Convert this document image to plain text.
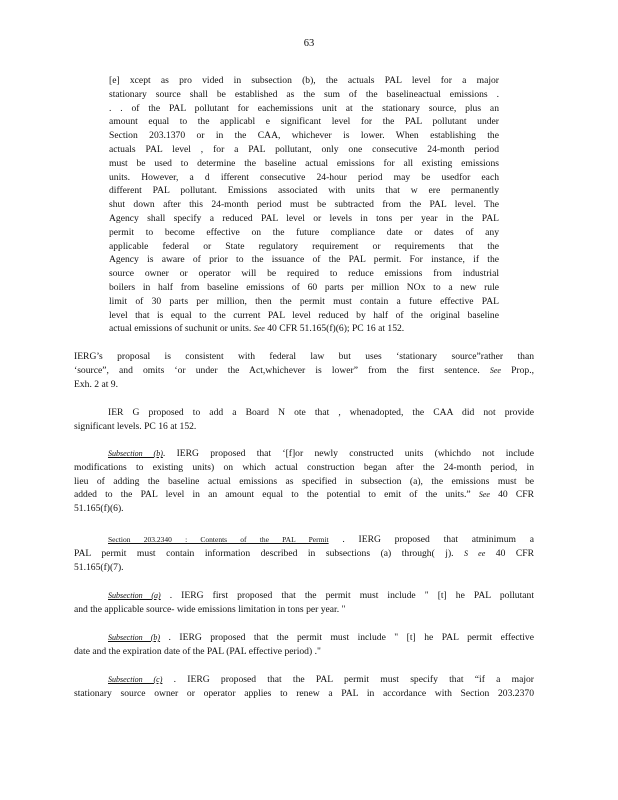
63
[e] xcept as pro vided in subsection (b), the actuals PAL level for a major
stationary source shall be established as the sum of the baselineactual emissions .
. . of the PAL pollutant for eachemissions unit at the stationary source, plus an
amount equal to the applicabl e significant level for the PAL pollutant under
Section 203.1370 or in the CAA, whichever is lower. When establishing the
actuals PAL level , for a PAL pollutant, only one consecutive 24-month period
must be used to determine the baseline actual emissions for all existing emissions
units. However, a d ifferent consecutive 24-hour period may be usedfor each
different PAL pollutant. Emissions associated with units that w ere permanently
shut down after this 24-month period must be subtracted from the PAL level. The
Agency shall specify a reduced PAL level or levels in tons per year in the PAL
permit to become effective on the future compliance date or dates of any
applicable federal or State regulatory requirement or requirements that the
Agency is aware of prior to the issuance of the PAL permit. For instance, if the
source owner or operator will be required to reduce emissions from industrial
boilers in half from baseline emissions of 60 parts per million NOx to a new rule
limit of 30 parts per million, then the permit must contain a future effective PAL
level that is equal to the current PAL level reduced by half of the original baseline
actual emissions of suchunit or units. See 40 CFR 51.165(f)(6); PC 16 at 152.
IERG’s proposal is consistent with federal law but uses ‘stationary source”rather than
‘source”, and omits ‘or under the Act,whichever is lower” from the first sentence. See Prop.,
Exh. 2 at 9.
IER G proposed to add a Board N ote that , whenadopted, the CAA did not provide
significant levels. PC 16 at 152.
Subsection (b). IERG proposed that ‘[f]or newly constructed units (whichdo not include
modifications to existing units) on which actual construction began after the 24-month period, in
lieu of adding the baseline actual emissions as specified in subsection (a), the emissions must be
added to the PAL level in an amount equal to the potential to emit of the units.” See 40 CFR
51.165(f)(6).
Section 203.2340 : Contents of the PAL Permit . IERG proposed that atminimum a
PAL permit must contain information described in subsections (a) through( j). S ee 40 CFR
51.165(f)(7).
Subsection (a) . IERG first proposed that the permit must include " [t] he PAL pollutant
and the applicable source- wide emissions limitation in tons per year. "
Subsection (b) . IERG proposed that the permit must include " [t] he PAL permit effective
date and the expiration date of the PAL (PAL effective period) ."
Subsection (c) . IERG proposed that the PAL permit must specify that “if a major
stationary source owner or operator applies to renew a PAL in accordance with Section 203.2370
